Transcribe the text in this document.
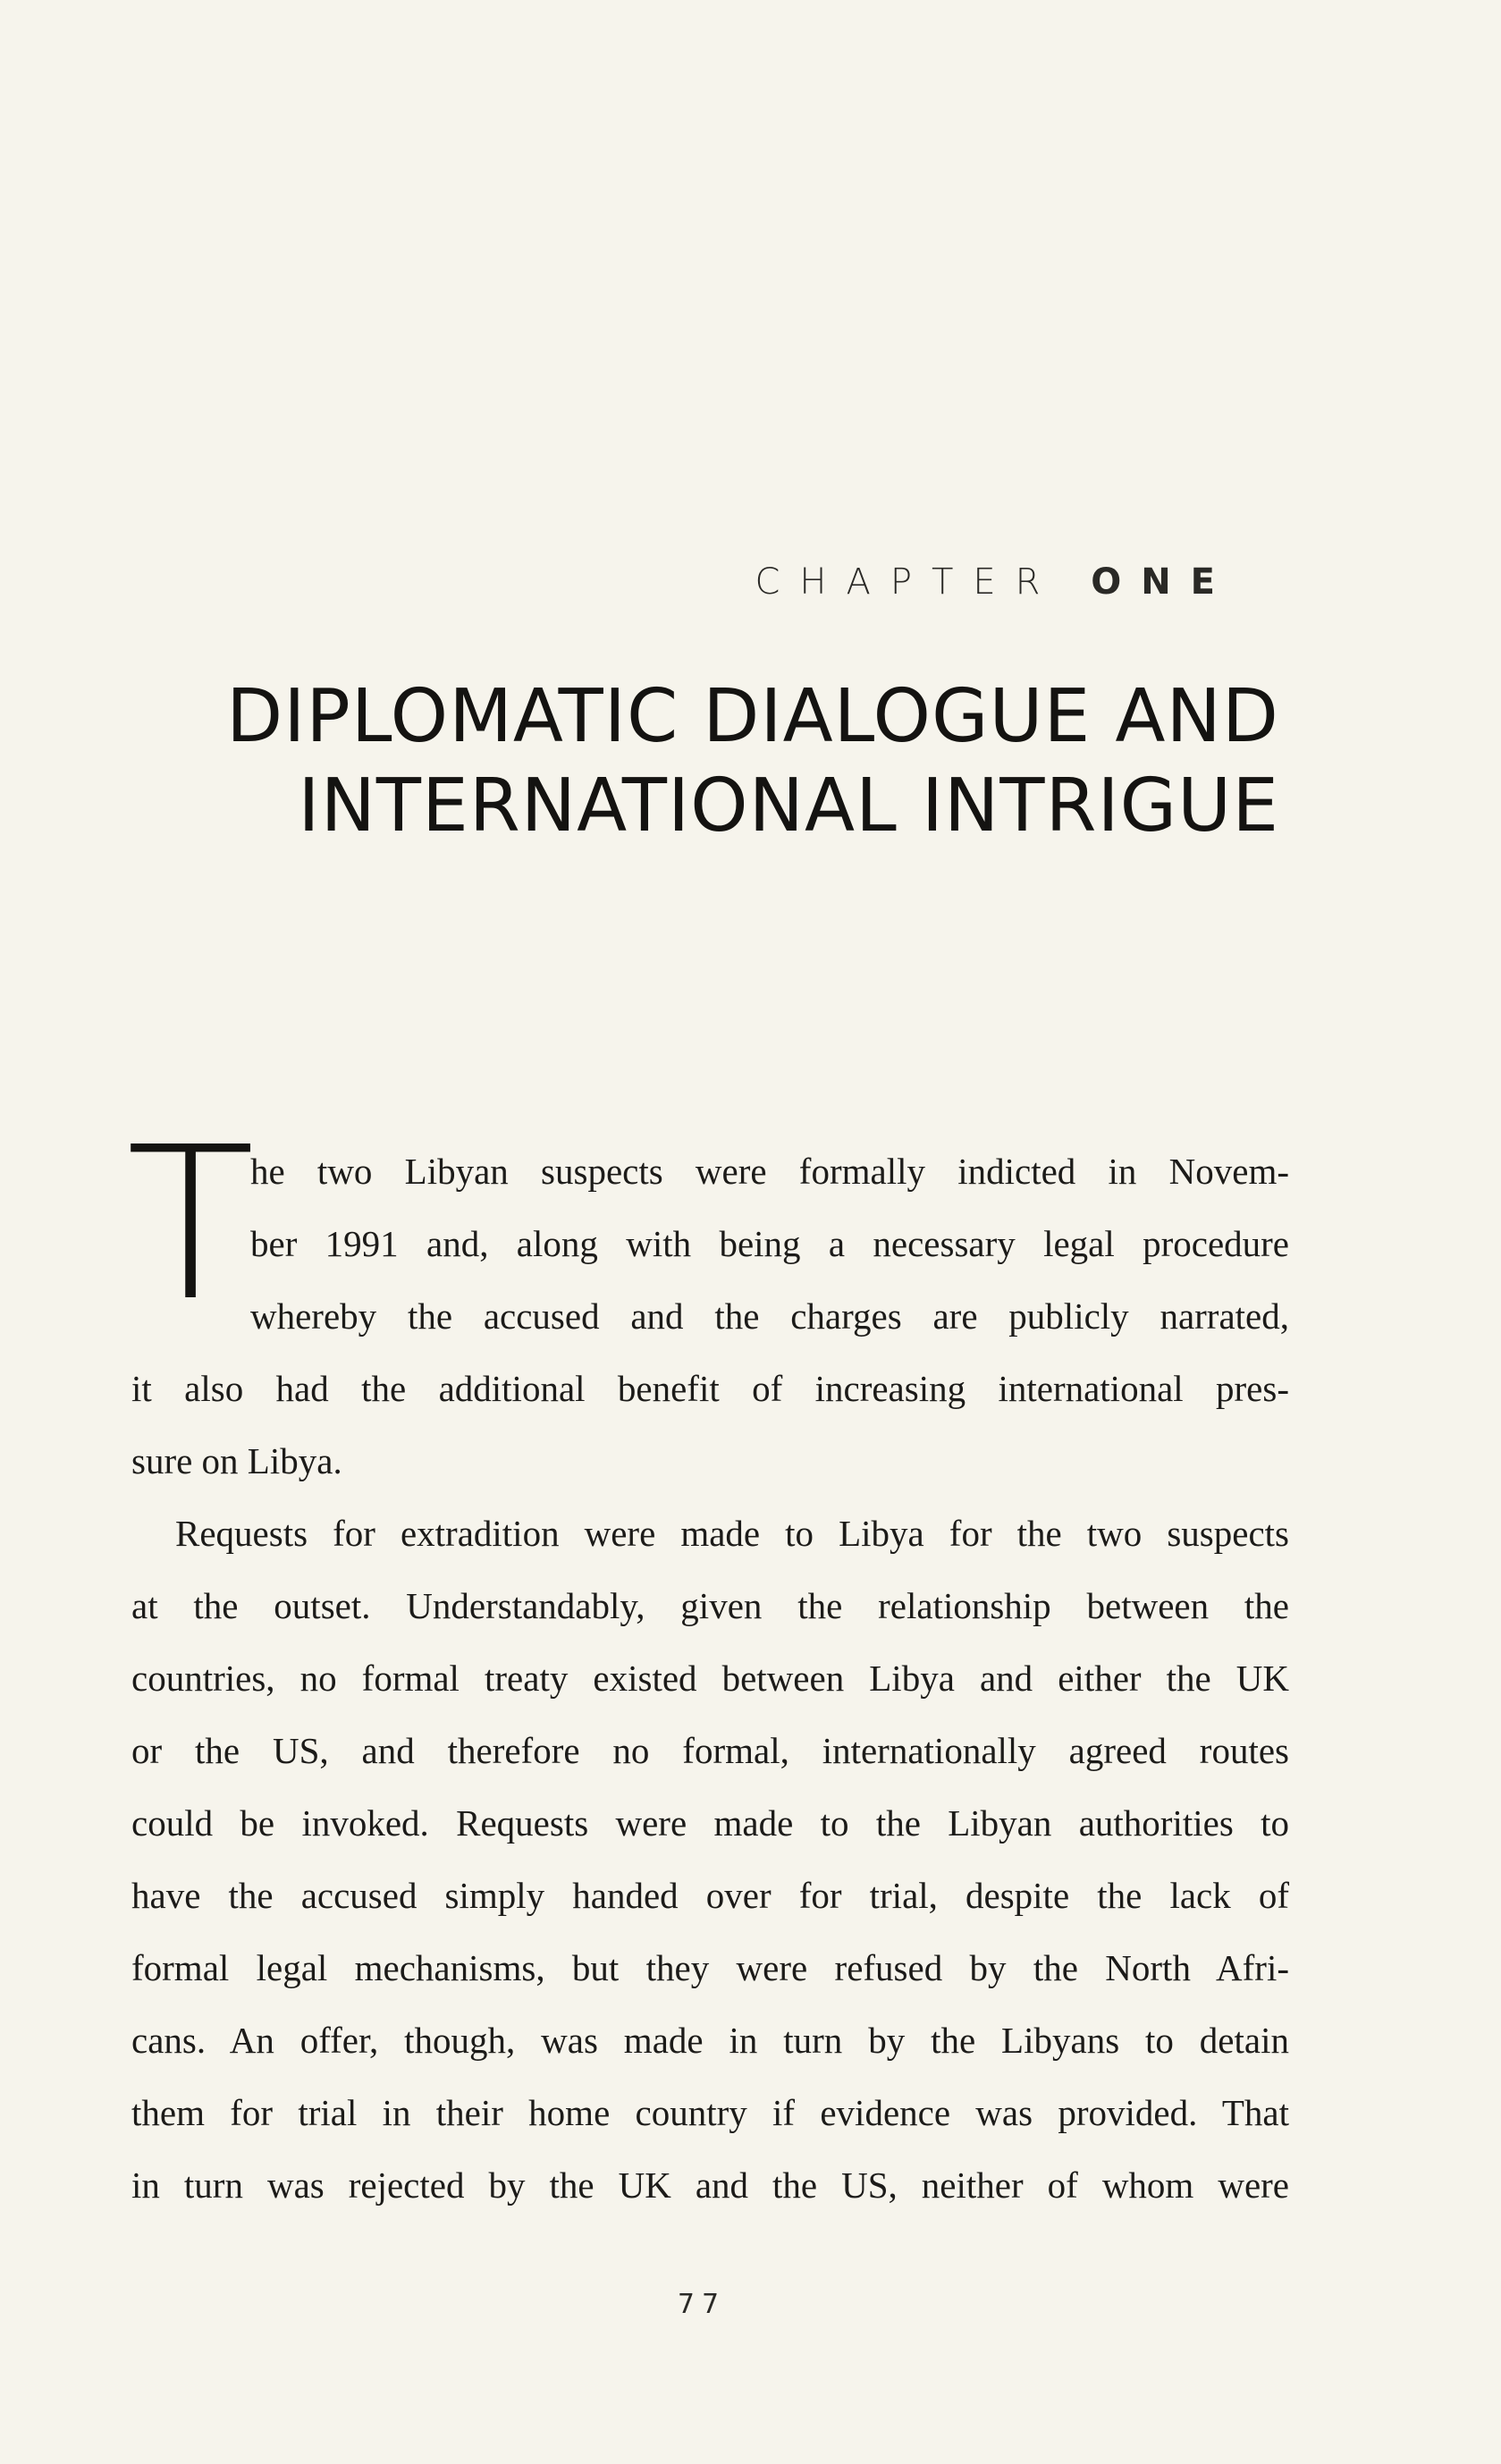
CHAPTER ONE
DIPLOMATIC DIALOGUE AND
INTERNATIONAL INTRIGUE

T
he two Libyan suspects were formally indicted in Novem-
ber 1991 and, along with being a necessary legal procedure
whereby the accused and the charges are publicly narrated,
it also had the additional benefit of increasing international pres-
sure on Libya.

Requests for extradition were made to Libya for the two suspects
at the outset. Understandably, given the relationship between the
countries, no formal treaty existed between Libya and either the UK
or the US, and therefore no formal, internationally agreed routes
could be invoked. Requests were made to the Libyan authorities to
have the accused simply handed over for trial, despite the lack of
formal legal mechanisms, but they were refused by the North Afri-
cans. An offer, though, was made in turn by the Libyans to detain
them for trial in their home country if evidence was provided. That
in turn was rejected by the UK and the US, neither of whom were

77
